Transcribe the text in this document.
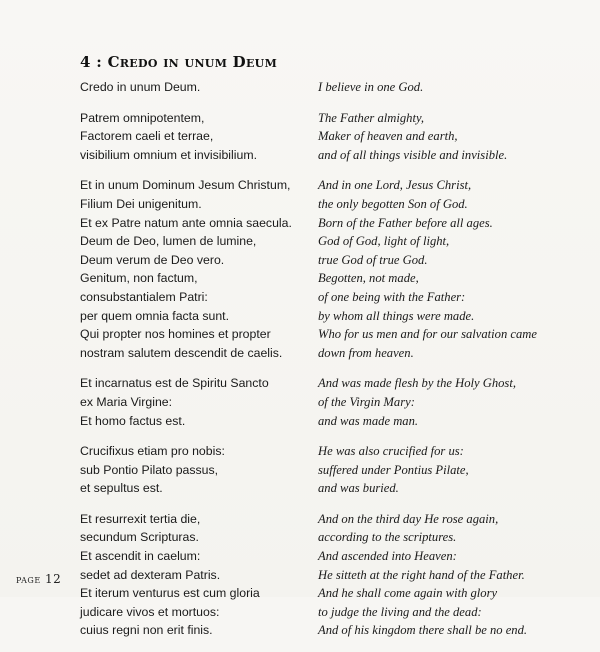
4 : Credo in unum Deum
Credo in unum Deum.
Patrem omnipotentem,
Factorem caeli et terrae,
visibilium omnium et invisibilium.
Et in unum Dominum Jesum Christum,
Filium Dei unigenitum.
Et ex Patre natum ante omnia saecula.
Deum de Deo, lumen de lumine,
Deum verum de Deo vero.
Genitum, non factum,
consubstantialem Patri:
per quem omnia facta sunt.
Qui propter nos homines et propter
nostram salutem descendit de caelis.
Et incarnatus est de Spiritu Sancto
ex Maria Virgine:
Et homo factus est.
Crucifixus etiam pro nobis:
sub Pontio Pilato passus,
et sepultus est.
Et resurrexit tertia die,
secundum Scripturas.
Et ascendit in caelum:
sedet ad dexteram Patris.
Et iterum venturus est cum gloria
judicare vivos et mortuos:
cuius regni non erit finis.
I believe in one God.
The Father almighty,
Maker of heaven and earth,
and of all things visible and invisible.
And in one Lord, Jesus Christ,
the only begotten Son of God.
Born of the Father before all ages.
God of God, light of light,
true God of true God.
Begotten, not made,
of one being with the Father:
by whom all things were made.
Who for us men and for our salvation came
down from heaven.
And was made flesh by the Holy Ghost,
of the Virgin Mary:
and was made man.
He was also crucified for us:
suffered under Pontius Pilate,
and was buried.
And on the third day He rose again,
according to the scriptures.
And ascended into Heaven:
He sitteth at the right hand of the Father.
And he shall come again with glory
to judge the living and the dead:
And of his kingdom there shall be no end.
page 12
